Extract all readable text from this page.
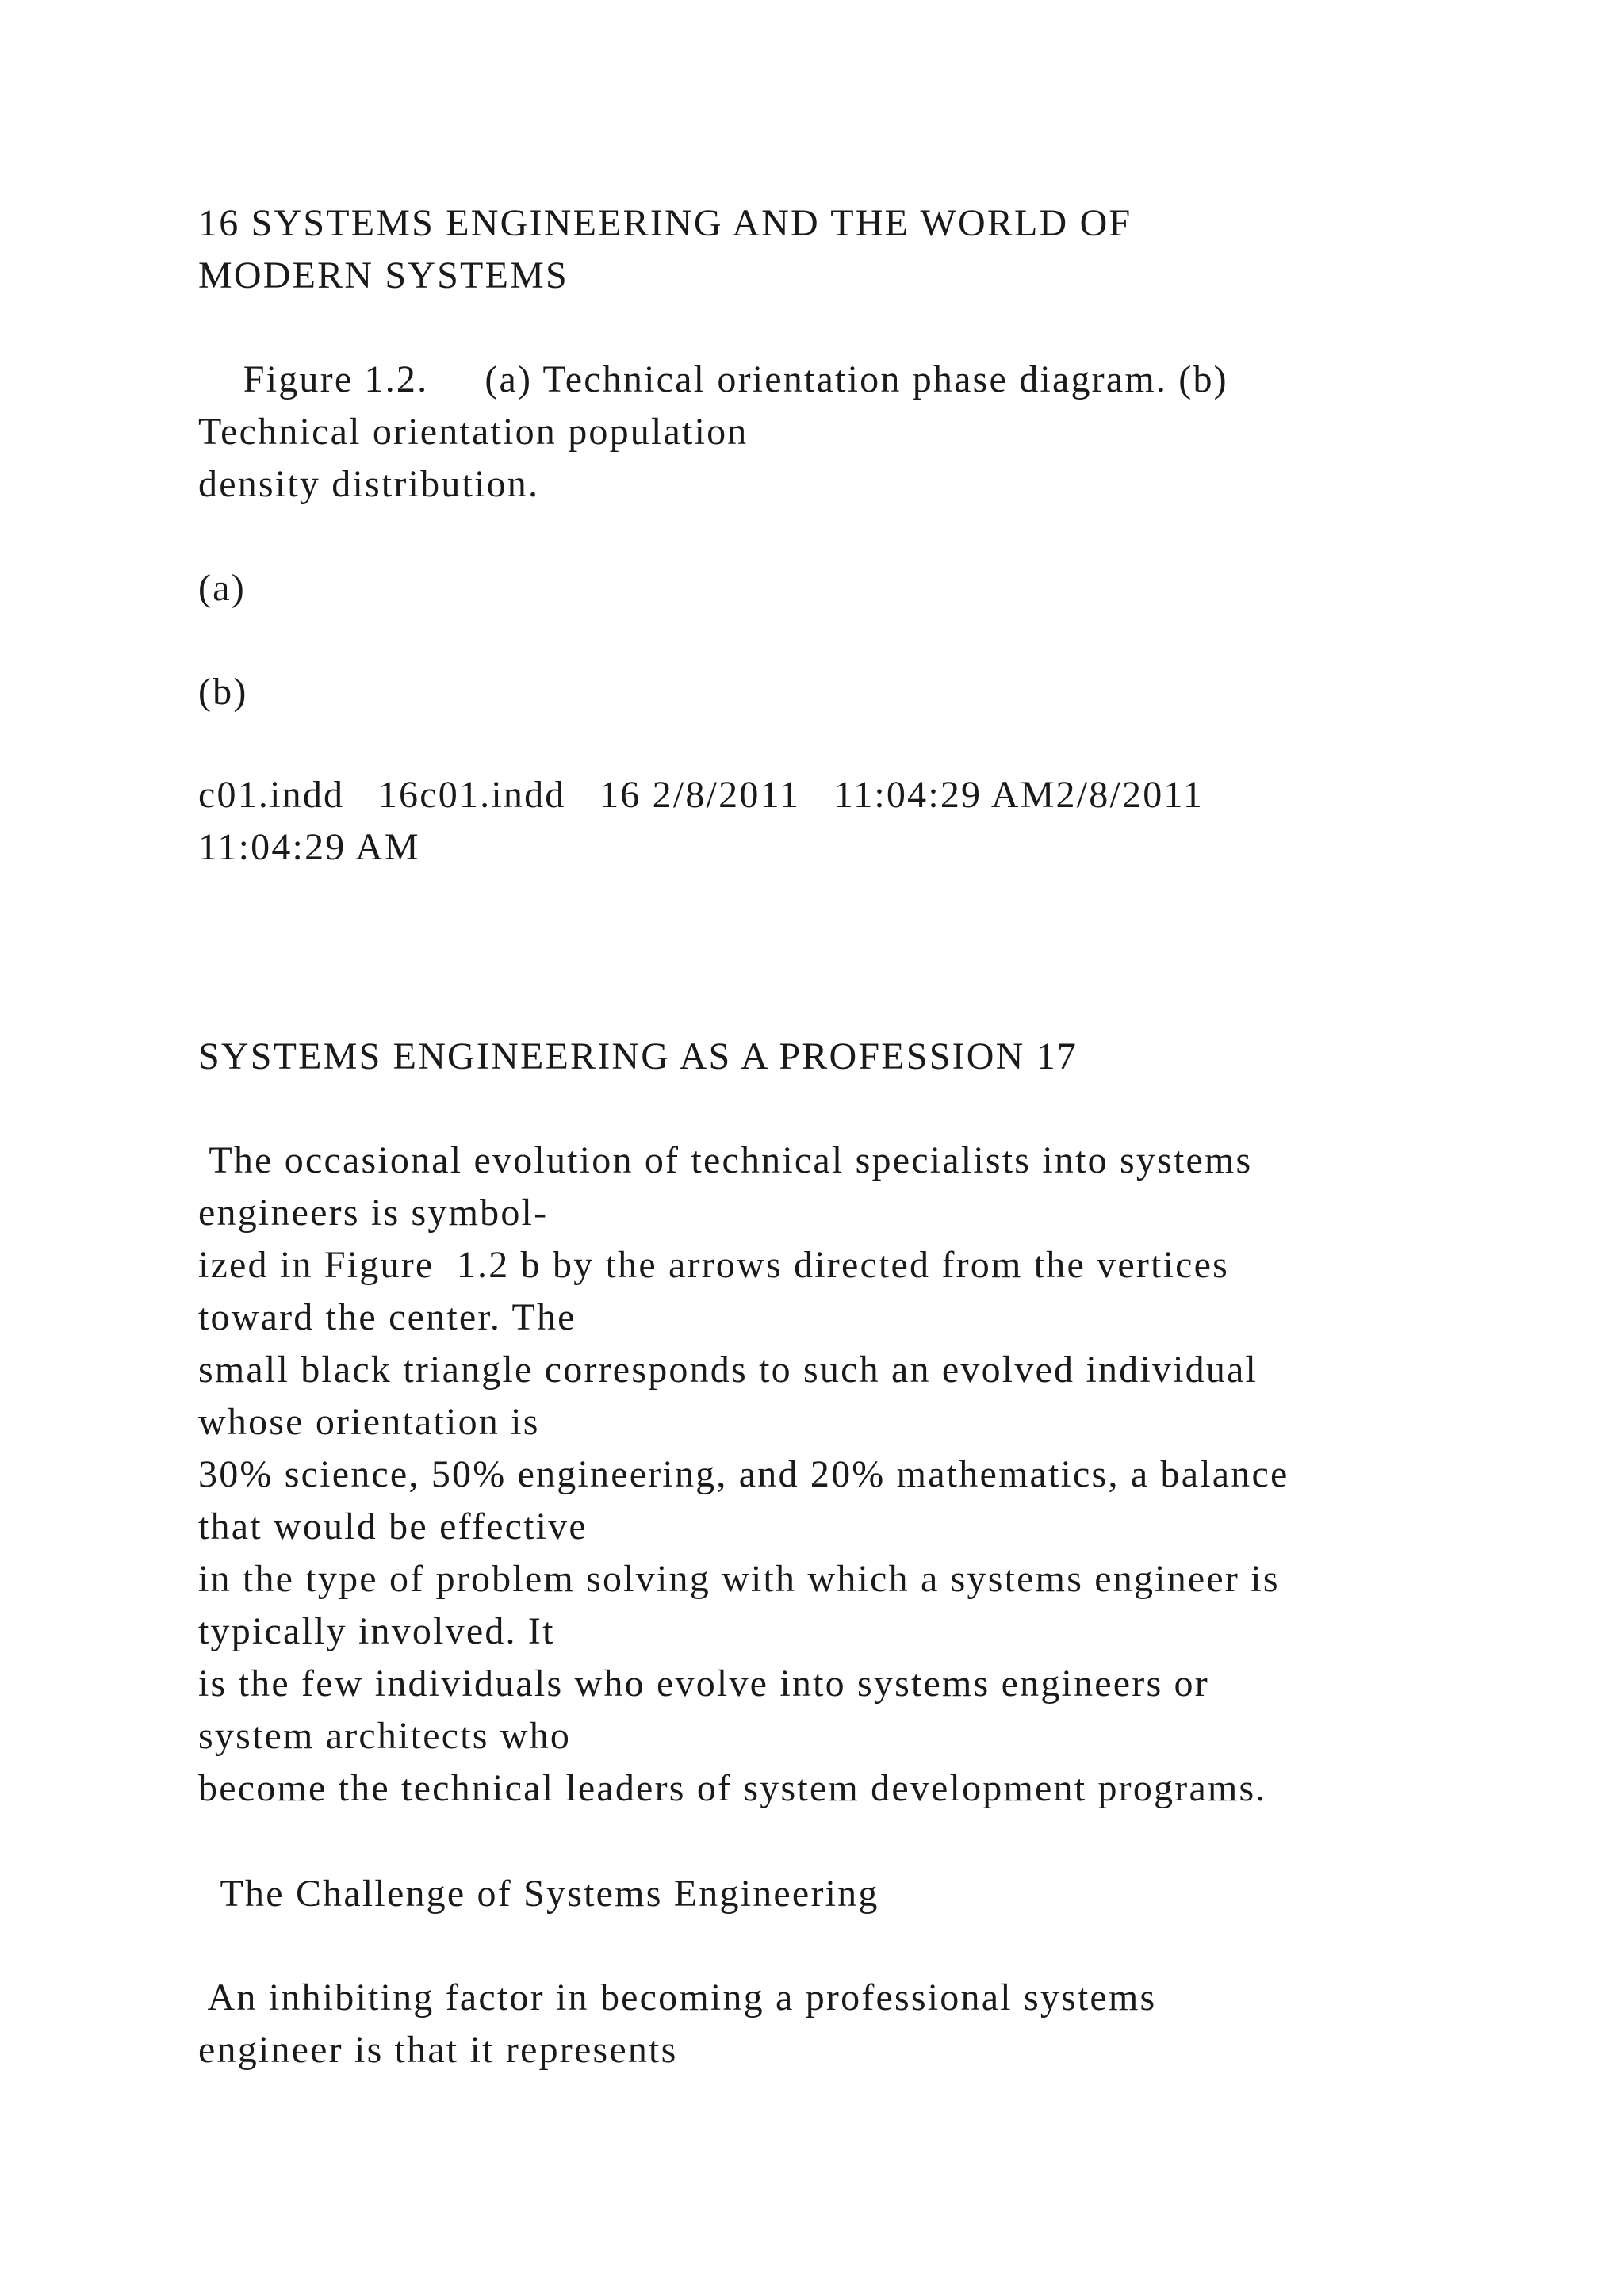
16 SYSTEMS ENGINEERING AND THE WORLD OF
MODERN SYSTEMS
Figure 1.2.     (a) Technical orientation phase diagram. (b)
Technical orientation population
density distribution.
(a)
(b)
c01.indd   16c01.indd   16 2/8/2011   11:04:29 AM2/8/2011
11:04:29 AM
SYSTEMS ENGINEERING AS A PROFESSION 17
The occasional evolution of technical specialists into systems
engineers is symbol-
ized in Figure  1.2 b by the arrows directed from the vertices
toward the center. The
small black triangle corresponds to such an evolved individual
whose orientation is
30% science, 50% engineering, and 20% mathematics, a balance
that would be effective
in the type of problem solving with which a systems engineer is
typically involved. It
is the few individuals who evolve into systems engineers or
system architects who
become the technical leaders of system development programs.
The Challenge of Systems Engineering
An inhibiting factor in becoming a professional systems
engineer is that it represents
